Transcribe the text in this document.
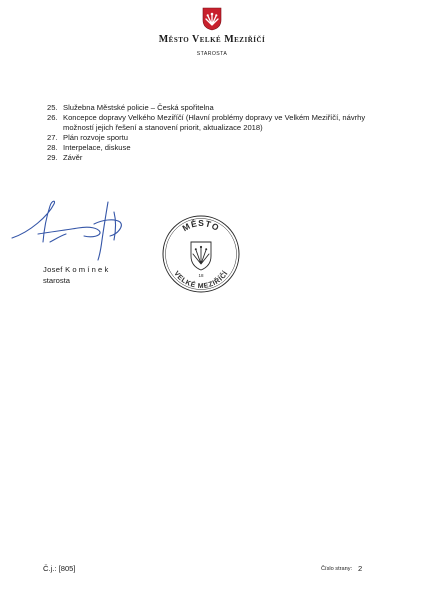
Město Velké Meziříčí
STAROSTA
25. Služebna Městské policie – Česká spořitelna
26. Koncepce dopravy Velkého Meziříčí (Hlavní problémy dopravy ve Velkém Meziříčí, návrhy možností jejich řešení a stanovení priorit, aktualizace 2018)
27. Plán rozvoje sportu
28. Interpelace, diskuse
29. Závěr
Josef Komínek
starosta
MĚSTO
VELKÉ MEZIŘÍČÍ
18
Č.j.: [805]	Číslo strany: 2
